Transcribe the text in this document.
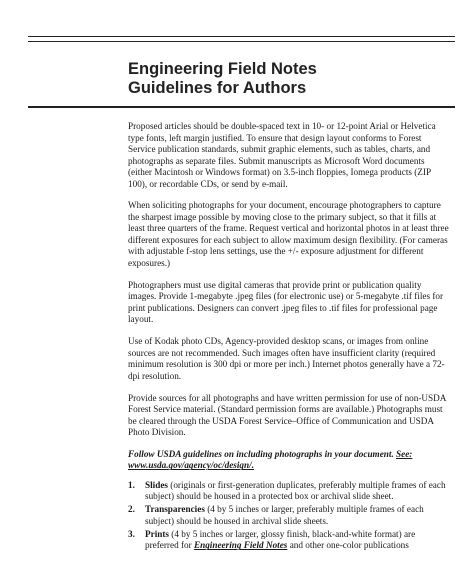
Engineering Field Notes
Guidelines for Authors

Proposed articles should be double-spaced text in 10- or 12-point Arial or Helvetica type fonts, left margin justified. To ensure that design layout conforms to Forest Service publication standards, submit graphic elements, such as tables, charts, and photographs as separate files. Submit manuscripts as Microsoft Word documents (either Macintosh or Windows format) on 3.5-inch floppies, Iomega products (ZIP 100), or recordable CDs, or send by e-mail.

When soliciting photographs for your document, encourage photographers to capture the sharpest image possible by moving close to the primary subject, so that it fills at least three quarters of the frame. Request vertical and horizontal photos in at least three different exposures for each subject to allow maximum design flexibility. (For cameras with adjustable f-stop lens settings, use the +/- exposure adjustment for different exposures.)

Photographers must use digital cameras that provide print or publication quality images. Provide 1-megabyte .jpeg files (for electronic use) or 5-megabyte .tif files for print publications. Designers can convert .jpeg files to .tif files for professional page layout.

Use of Kodak photo CDs, Agency-provided desktop scans, or images from online sources are not recommended. Such images often have insufficient clarity (required minimum resolution is 300 dpi or more per inch.) Internet photos generally have a 72-dpi resolution.

Provide sources for all photographs and have written permission for use of non-USDA Forest Service material. (Standard permission forms are available.) Photographs must be cleared through the USDA Forest Service–Office of Communication and USDA Photo Division.

Follow USDA guidelines on including photographs in your document. See: www.usda.gov/agency/oc/design/.

1.	Slides (originals or first-generation duplicates, preferably multiple frames of each subject) should be housed in a protected box or archival slide sheet.
2.	Transparencies (4 by 5 inches or larger, preferably multiple frames of each subject) should be housed in archival slide sheets.
3.	Prints (4 by 5 inches or larger, glossy finish, black-and-white format) are preferred for Engineering Field Notes and other one-color publications
